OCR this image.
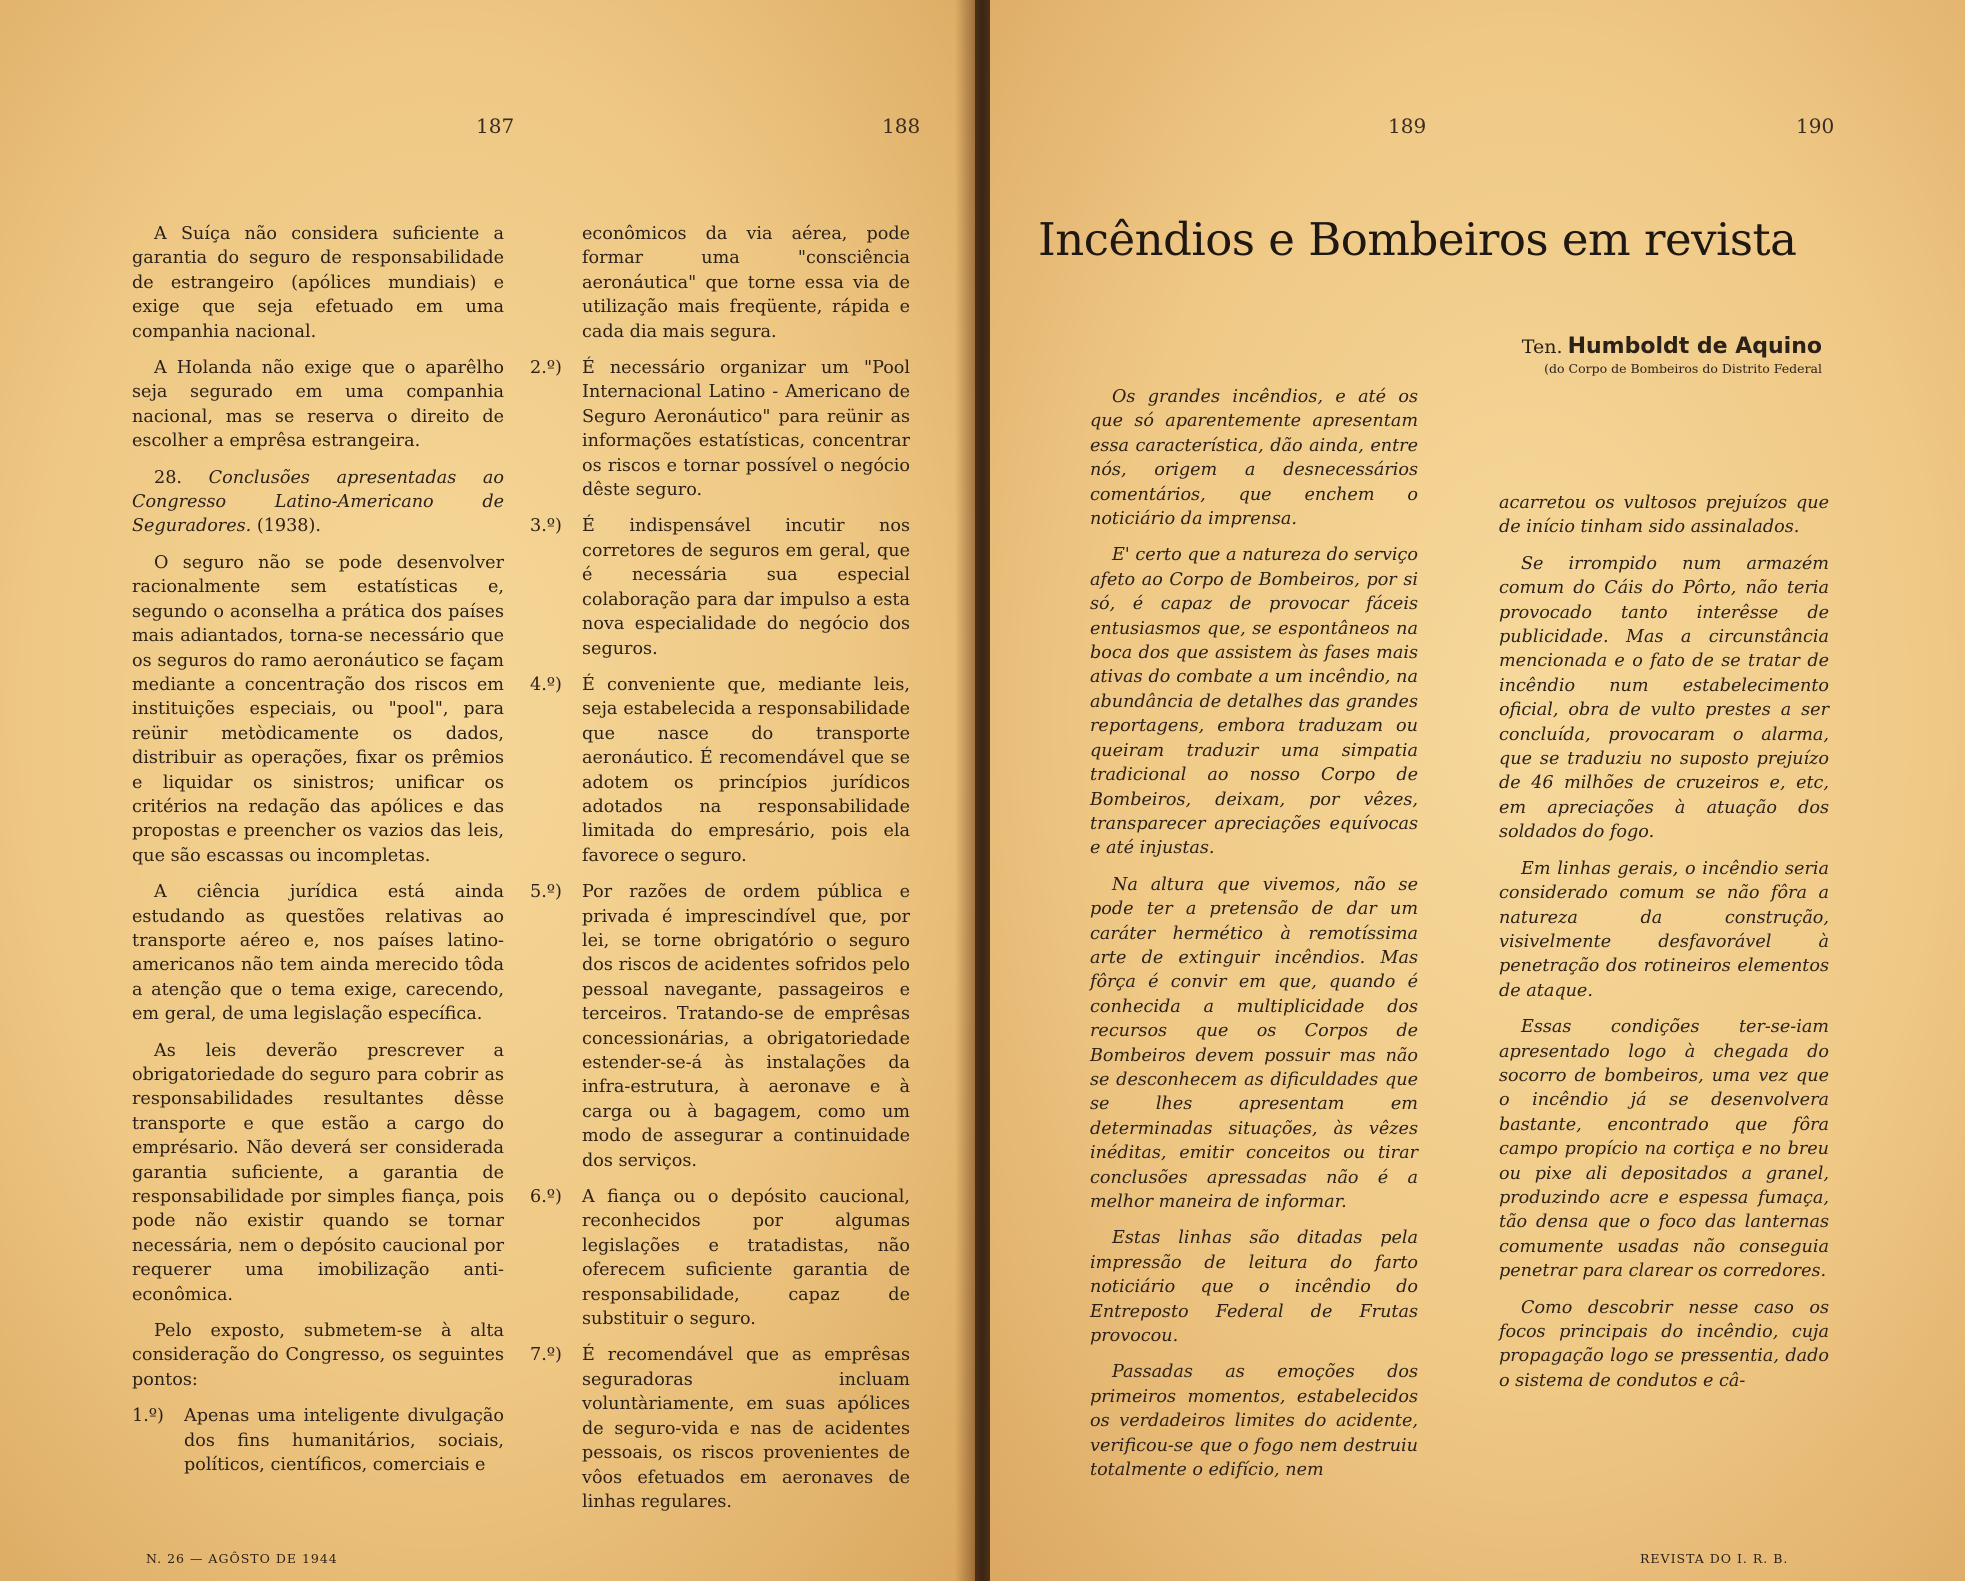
187	188

A Suíça não considera suficiente a garantia do seguro de responsabilidade de estrangeiro (apólices mundiais) e exige que seja efetuado em uma companhia nacional.

A Holanda não exige que o aparêlho seja segurado em uma companhia nacional, mas se reserva o direito de escolher a emprêsa estrangeira.

28. Conclusões apresentadas ao Congresso Latino-Americano de Seguradores. (1938).

O seguro não se pode desenvolver racionalmente sem estatísticas e, segundo o aconselha a prática dos países mais adiantados, torna-se necessário que os seguros do ramo aeronáutico se façam mediante a concentração dos riscos em instituições especiais, ou "pool", para reünir metòdicamente os dados, distribuir as operações, fixar os prêmios e liquidar os sinistros; unificar os critérios na redação das apólices e das propostas e preencher os vazios das leis, que são escassas ou incompletas.

A ciência jurídica está ainda estudando as questões relativas ao transporte aéreo e, nos países latino-americanos não tem ainda merecido tôda a atenção que o tema exige, carecendo, em geral, de uma legislação específica.

As leis deverão prescrever a obrigatoriedade do seguro para cobrir as responsabilidades resultantes dêsse transporte e que estão a cargo do emprésario. Não deverá ser considerada garantia suficiente, a garantia de responsabilidade por simples fiança, pois pode não existir quando se tornar necessária, nem o depósito caucional por requerer uma imobilização anti-econômica.

Pelo exposto, submetem-se à alta consideração do Congresso, os seguintes pontos:

1.º)	Apenas uma inteligente divulgação dos fins humanitários, sociais, políticos, científicos, comerciais e

econômicos da via aérea, pode formar uma	"consciência aeronáutica" que torne essa via de utilização mais freqüente, rápida e cada dia mais segura.

2.º)	É necessário organizar um "Pool Internacional Latino - Americano de Seguro Aeronáutico" para reünir as informações estatísticas, concentrar os riscos e tornar possível o negócio dêste seguro.
3.º)	É indispensável incutir nos corretores de seguros em geral, que é necessária sua especial colaboração para dar impulso a esta nova especialidade do negócio dos seguros.
4.º)	É conveniente que, mediante leis, seja estabelecida a responsabilidade que nasce do transporte aeronáutico. É recomendável que se adotem os princípios jurídicos adotados na responsabilidade limitada do empresário, pois ela favorece o seguro.
5.º)	Por razões de ordem pública e privada é imprescindível que, por lei, se torne obrigatório o seguro dos riscos de acidentes sofridos pelo pessoal navegante, passageiros e terceiros. Tratando-se de emprêsas concessionárias, a obrigatoriedade estender-se-á às instalações da infra-estrutura, à aeronave e à carga ou à bagagem, como um modo de assegurar a continuidade dos serviços.
6.º)	A fiança ou o depósito caucional, reconhecidos por algumas legislações e tratadistas, não oferecem suficiente garantia de responsabilidade, capaz de substituir o seguro.
7.º)	É recomendável que as emprêsas seguradoras incluam voluntàriamente, em suas apólices de seguro-vida e nas de acidentes pessoais, os riscos provenientes de vôos efetuados em aeronaves de linhas regulares.
N. 26 — AGÔSTO DE 1944
189	190
Incêndios e Bombeiros em revista
Ten. Humboldt de Aquino
(do Corpo de Bombeiros do Distrito Federal

Os grandes incêndios, e até os que só aparentemente apresentam essa característica, dão ainda, entre nós, origem a desnecessários comentários, que enchem o noticiário da imprensa.

E' certo que a natureza do serviço afeto ao Corpo de Bombeiros, por si só, é capaz de provocar fáceis entusiasmos que, se espontâneos na boca dos que assistem às fases mais ativas do combate a um incêndio, na abundância de detalhes das grandes reportagens, embora traduzam ou queiram traduzir uma simpatia tradicional ao nosso Corpo de Bombeiros, deixam, por vêzes, transparecer apreciações equívocas e até injustas.

Na altura que vivemos, não se pode ter a pretensão de dar um caráter hermético à remotíssima arte de extinguir incêndios. Mas fôrça é convir em que, quando é conhecida a multiplicidade dos recursos que os Corpos de Bombeiros devem possuir mas não se desconhecem as dificuldades que se lhes apresentam em determinadas situações, às vêzes inéditas, emitir conceitos ou tirar conclusões apressadas não é a melhor maneira de informar.

Estas linhas são ditadas pela impressão de leitura do farto noticiário que o incêndio do Entreposto Federal de Frutas provocou.

Passadas as emoções dos primeiros momentos, estabelecidos os verdadeiros limites do acidente, verificou-se que o fogo nem destruiu totalmente o edifício, nem

acarretou os vultosos prejuízos que de início tinham sido assinalados.

Se irrompido num armazém comum do Cáis do Pôrto, não teria provocado tanto interêsse de publicidade. Mas a circunstância mencionada e o fato de se tratar de incêndio num estabelecimento oficial, obra de vulto prestes a ser concluída, provocaram o alarma, que se traduziu no suposto prejuízo de 46 milhões de cruzeiros e, etc, em apreciações à atuação dos soldados do fogo.

Em linhas gerais, o incêndio seria considerado comum se não fôra a natureza da construção, visivelmente desfavorável à penetração dos rotineiros elementos de ataque.

Essas condições ter-se-iam apresentado logo à chegada do socorro de bombeiros, uma vez que o incêndio já se desenvolvera bastante, encontrado que fôra campo propício na cortiça e no breu ou pixe ali depositados a granel, produzindo acre e espessa fumaça, tão densa que o foco das lanternas comumente usadas não conseguia penetrar para clarear os corredores.

Como descobrir nesse caso os focos principais do incêndio, cuja propagação logo se pressentia, dado o sistema de condutos e câ-

REVISTA DO I. R. B.
